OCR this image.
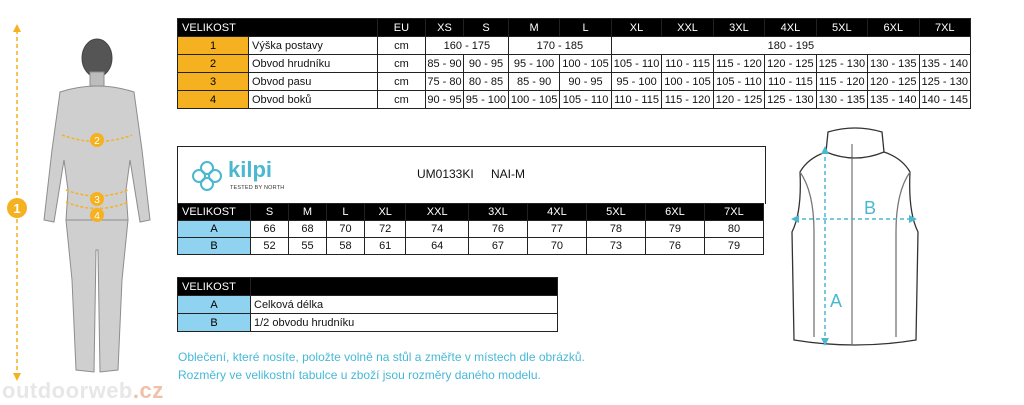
1
2
3
4
VELIKOST		EU	XS	S	M	L	XL	XXL	3XL	4XL	5XL	6XL	7XL
1	Výška postavy	cm	160 - 175		170 - 185		180 - 195						
2	Obvod hrudníku	cm	85 - 90	90 - 95	95 - 100	100 - 105	105 - 110	110 - 115	115 - 120	120 - 125	125 - 130	130 - 135	135 - 140
3	Obvod pasu	cm	75 - 80	80 - 85	85 - 90	90 - 95	95 - 100	100 - 105	105 - 110	110 - 115	115 - 120	120 - 125	125 - 130
4	Obvod boků	cm	90 - 95	95 - 100	100 - 105	105 - 110	110 - 115	115 - 120	120 - 125	125 - 130	130 - 135	135 - 140	140 - 145
kilpi
TESTED BY NORTH
UM0133KI NAI-M
VELIKOST	S	M	L	XL	XXL	3XL	4XL	5XL	6XL	7XL
A	66	68	70	72	74	76	77	78	79	80
B	52	55	58	61	64	67	70	73	76	79
VELIKOST	
A	Celková délka
B	1/2 obvodu hrudníku
A
B
Oblečení, které nosíte, položte volně na stůl a změřte v místech dle obrázků.
Rozměry ve velikostní tabulce u zboží jsou rozměry daného modelu.
outdoorweb.cz
